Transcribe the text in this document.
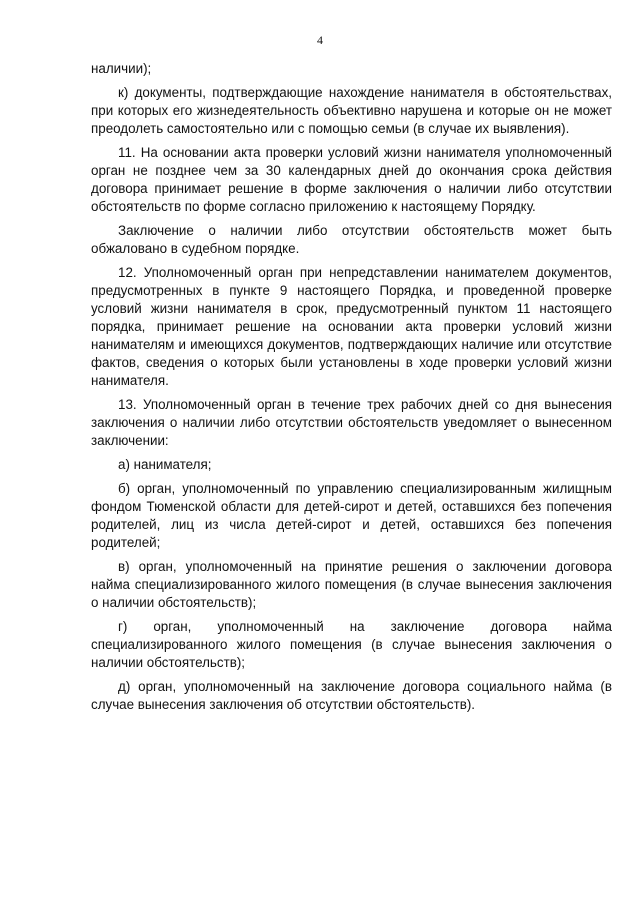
4

наличии);

к) документы, подтверждающие нахождение нанимателя в обстоятельствах, при которых его жизнедеятельность объективно нарушена и которые он не может преодолеть самостоятельно или с помощью семьи (в случае их выявления).

11. На основании акта проверки условий жизни нанимателя уполномоченный орган не позднее чем за 30 календарных дней до окончания срока действия договора принимает решение в форме заключения о наличии либо отсутствии обстоятельств по форме согласно приложению к настоящему Порядку.

Заключение о наличии либо отсутствии обстоятельств может быть обжаловано в судебном порядке.

12. Уполномоченный орган при непредставлении нанимателем документов, предусмотренных в пункте 9 настоящего Порядка, и проведенной проверке условий жизни нанимателя в срок, предусмотренный пунктом 11 настоящего порядка, принимает решение на основании акта проверки условий жизни нанимателям и имеющихся документов, подтверждающих наличие или отсутствие фактов, сведения о которых были установлены в ходе проверки условий жизни нанимателя.

13. Уполномоченный орган в течение трех рабочих дней со дня вынесения заключения о наличии либо отсутствии обстоятельств уведомляет о вынесенном заключении:

а) нанимателя;

б) орган, уполномоченный по управлению специализированным жилищным фондом Тюменской области для детей-сирот и детей, оставшихся без попечения родителей, лиц из числа детей-сирот и детей, оставшихся без попечения родителей;

в) орган, уполномоченный на принятие решения о заключении договора найма специализированного жилого помещения (в случае вынесения заключения о наличии обстоятельств);

г) орган, уполномоченный на заключение договора найма специализированного жилого помещения (в случае вынесения заключения о наличии обстоятельств);

д) орган, уполномоченный на заключение договора социального найма (в случае вынесения заключения об отсутствии обстоятельств).
